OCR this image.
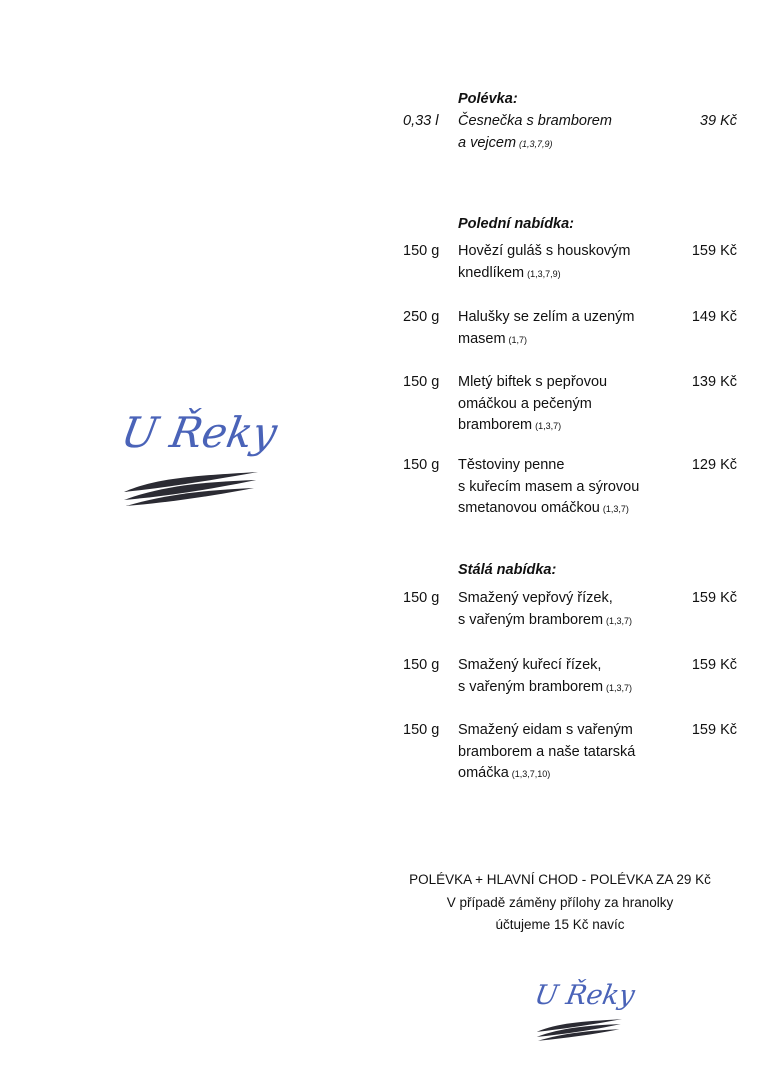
U Řeky
Polévka:
0,33 l Česnečka s bramborem
a vejcem (1,3,7,9)
39 Kč
Polední nabídka:
150 g Hovězí guláš s houskovým
knedlíkem (1,3,7,9)
159 Kč
250 g Halušky se zelím a uzeným
masem (1,7)
149 Kč
150 g Mletý biftek s pepřovou
omáčkou a pečeným
bramborem (1,3,7)
139 Kč
150 g Těstoviny penne
s kuřecím masem a sýrovou
smetanovou omáčkou (1,3,7)
129 Kč
Stálá nabídka:
150 g Smažený vepřový řízek,
s vařeným bramborem (1,3,7)
159 Kč
150 g Smažený kuřecí řízek,
s vařeným bramborem (1,3,7)
159 Kč
150 g Smažený eidam s vařeným
bramborem a naše tatarská
omáčka (1,3,7,10)
159 Kč
POLÉVKA + HLAVNÍ CHOD - POLÉVKA ZA 29 Kč
V případě záměny přílohy za hranolky
účtujeme 15 Kč navíc
U Řeky
